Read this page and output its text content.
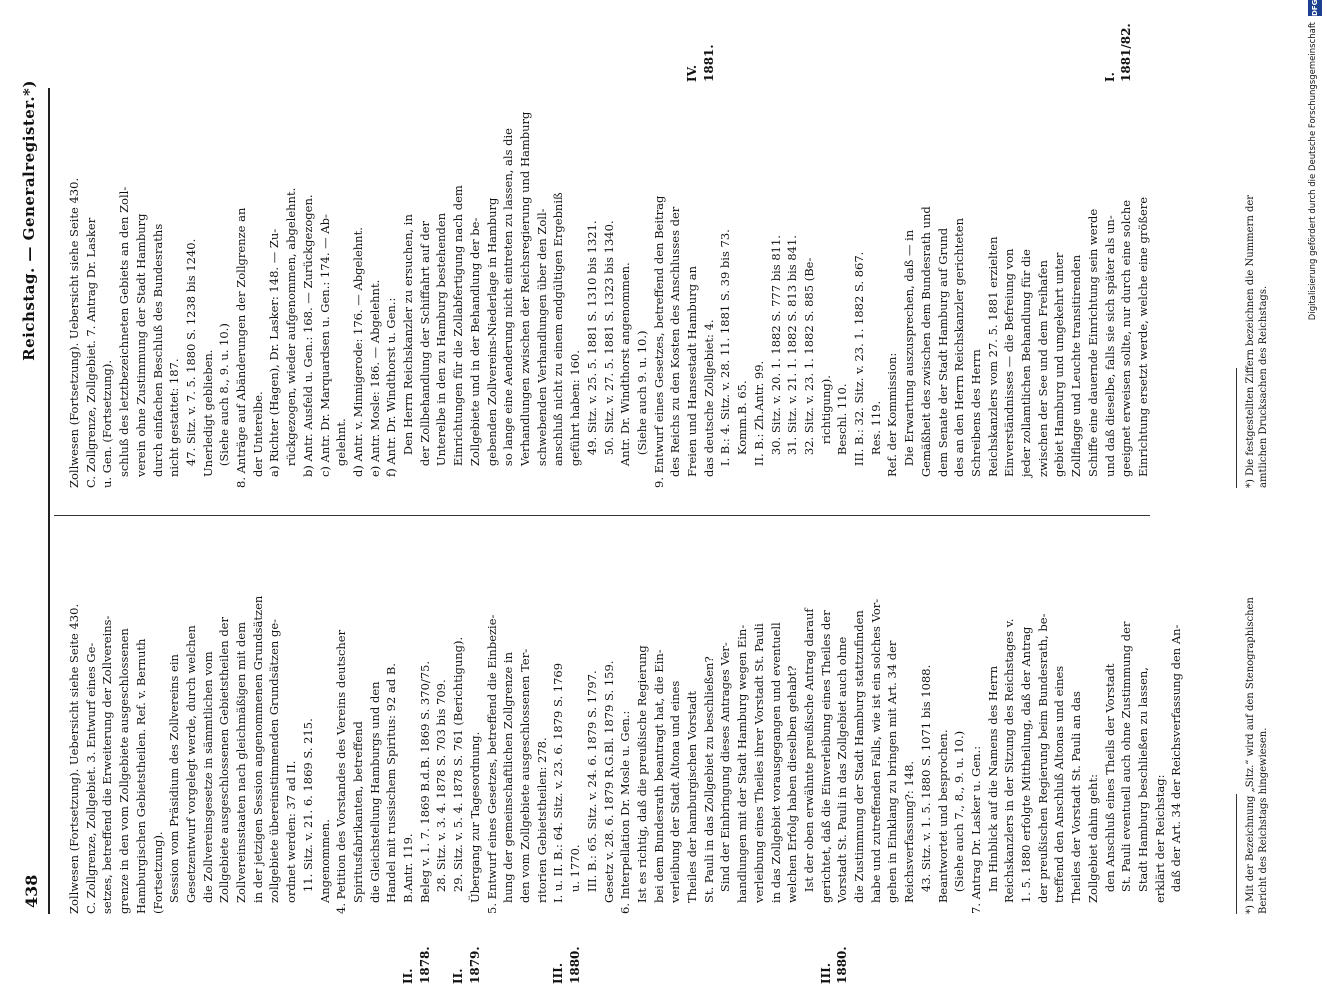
438
Reichstag. — Generalregister.*)

II.
1878.

II.
1879.

III.
1880.

III.
1880.
Zollwesen (Fortsetzung). Uebersicht siehe Seite 430.
C. Zollgrenze, Zollgebiet. 3. Entwurf eines Ge-
setzes, betreffend die Erweiterung der Zollvereins-
grenze in den vom Zollgebiete ausgeschlossenen
Hamburgischen Gebietstheilen. Ref. v. Bernuth
(Fortsetzung).
Session vom Präsidium des Zollvereins ein
Gesetzentwurf vorgelegt werde, durch welchen
die Zollvereinsgesetze in sämmtlichen vom
Zollgebiete ausgeschlossenen Gebietstheilen der
Zollvereinsstaaten nach gleichmäßigen mit dem
in der jetzigen Session angenommenen Grundsätzen
zollgebiete übereinstimmenden Grundsätzen ge-
ordnet werden: 37 ad II.
11. Sitz. v. 21. 6. 1869 S. 215.
Angenommen.
4. Petition des Vorstandes des Vereins deutscher
Spiritusfabrikanten, betreffend
die Gleichstellung Hamburgs und den
Handel mit russischem Spiritus: 92 ad B.
B.Antr. 119.
Beleg v. 1. 7. 1869 B.d.B. 1869 S. 370/75.
28. Sitz. v. 3. 4. 1878 S. 703 bis 709.
29. Sitz. v. 5. 4. 1878 S. 761 (Berichtigung).
Übergang zur Tagesordnung.
5. Entwurf eines Gesetzes, betreffend die Einbezie-
hung der gemeinschaftlichen Zollgrenze in
den vom Zollgebiete ausgeschlossenen Ter-
ritorien Gebietstheilen: 278.
I. u. II. B.: 64. Sitz. v. 23. 6. 1879 S. 1769
u. 1770.
III. B.: 65. Sitz. v. 24. 6. 1879 S. 1797.
Gesetz v. 28. 6. 1879 R.G.Bl. 1879 S. 159.
6. Interpellation Dr. Mosle u. Gen.:
Ist es richtig, daß die preußische Regierung
bei dem Bundesrath beantragt hat, die Ein-
verleibung der Stadt Altona und eines
Theiles der hamburgischen Vorstadt
St. Pauli in das Zollgebiet zu beschließen?
Sind der Einbringung dieses Antrages Ver-
handlungen mit der Stadt Hamburg wegen Ein-
verleibung eines Theiles ihrer Vorstadt St. Pauli
in das Zollgebiet vorausgegangen und eventuell
welchen Erfolg haben dieselben gehabt?
Ist der oben erwähnte preußische Antrag darauf
gerichtet, daß die Einverleibung eines Theiles der
Vorstadt St. Pauli in das Zollgebiet auch ohne
die Zustimmung der Stadt Hamburg stattzufinden
habe und zutreffenden Falls, wie ist ein solches Vor-
gehen in Einklang zu bringen mit Art. 34 der
Reichsverfassung?: 148.
43. Sitz. v. 1. 5. 1880 S. 1071 bis 1088.
Beantwortet und besprochen.
(Siehe auch 7., 8., 9. u. 10.)
7. Antrag Dr. Lasker u. Gen.:
Im Hinblick auf die Namens des Herrn
Reichskanzlers in der Sitzung des Reichstages v.
1. 5. 1880 erfolgte Mittheilung, daß der Antrag
der preußischen Regierung beim Bundesrath, be-
treffend den Anschluß Altonas und eines
Theiles der Vorstadt St. Pauli an das
Zollgebiet dahin geht:
den Anschluß eines Theils der Vorstadt
St. Pauli eventuell auch ohne Zustimmung der
Stadt Hamburg beschließen zu lassen,
erklärt der Reichstag:
daß der Art. 34 der Reichsverfassung den An-
Zollwesen (Fortsetzung). Uebersicht siehe Seite 430.
C. Zollgrenze, Zollgebiet. 7. Antrag Dr. Lasker
u. Gen. (Fortsetzung).
schluß des letztbezeichneten Gebiets an den Zoll-
verein ohne Zustimmung der Stadt Hamburg
durch einfachen Beschluß des Bundesraths
nicht gestattet: 187.
47. Sitz. v. 7. 5. 1880 S. 1238 bis 1240.
Unerledigt geblieben.
(Siehe auch 8., 9. u. 10.)
8. Anträge auf Abänderungen der Zollgrenze an
der Unterelbe.
a) Richter (Hagen), Dr. Lasker: 148. — Zu-
rückgezogen, wieder aufgenommen, abgelehnt.
b) Antr. Ausfeld u. Gen.: 168. — Zurückgezogen.
c) Antr. Dr. Marquardsen u. Gen.: 174. — Ab-
gelehnt.
d) Antr. v. Minnigerode: 176. — Abgelehnt.
e) Antr. Mosle: 186. — Abgelehnt.
f) Antr. Dr. Windthorst u. Gen.:
Den Herrn Reichskanzler zu ersuchen, in
der Zollbehandlung der Schiffahrt auf der
Unterelbe in den zu Hamburg bestehenden
Einrichtungen für die Zollabfertigung nach dem
Zollgebiete und in der Behandlung der be-
gebenden Zollvereins-Niederlage in Hamburg
so lange eine Aenderung nicht eintreten zu lassen, als die
Verhandlungen zwischen der Reichsregierung und Hamburg
schwebenden Verhandlungen über den Zoll-
anschluß nicht zu einem endgültigen Ergebniß
geführt haben: 160.
49. Sitz. v. 25. 5. 1881 S. 1310 bis 1321.
50. Sitz. v. 27. 5. 1881 S. 1323 bis 1340.
Antr. Dr. Windthorst angenommen.
(Siehe auch 9. u. 10.)
9. Entwurf eines Gesetzes, betreffend den Beitrag
des Reichs zu den Kosten des Anschlusses der
Freien und Hansestadt Hamburg an
das deutsche Zollgebiet: 4.
I. B.: 4. Sitz. v. 28. 11. 1881 S. 39 bis 73.
Komm.B. 65.
II. B.: Zh.Antr. 99.
30. Sitz. v. 20. 1. 1882 S. 777 bis 811.
31. Sitz. v. 21. 1. 1882 S. 813 bis 841.
32. Sitz. v. 23. 1. 1882 S. 885 (Be-
richtigung).
Beschl. 110.
III. B.: 32. Sitz. v. 23. 1. 1882 S. 867.
Res. 119.
Ref. der Kommission:
Die Erwartung auszusprechen, daß — in
Gemäßheit des zwischen dem Bundesrath und
dem Senate der Stadt Hamburg auf Grund
des an den Herrn Reichskanzler gerichteten
Schreibens des Herrn
Reichskanzlers vom 27. 5. 1881 erzielten
Einverständnisses — die Befreiung von
jeder zollamtlichen Behandlung für die
zwischen der See und dem Freihafen
gebiet Hamburg und umgekehrt unter
Zollflagge und Leuchte transitirenden
Schiffe eine dauernde Einrichtung sein werde
und daß dieselbe, falls sie sich später als un-
geeignet erweisen sollte, nur durch eine solche
Einrichtung ersetzt werde, welche eine größere

IV.
1881.

I.
1881/82.
*) Mit der Bezeichnung „Sitz.“ wird auf den Stenographischen
Bericht des Reichstags hingewiesen.
*) Die festgestellten Ziffern bezeichnen die Nummern der
amtlichen Drucksachen des Reichstags.	Digitalisierung gefördert durch die Deutsche Forschungsgemeinschaft
DFG
